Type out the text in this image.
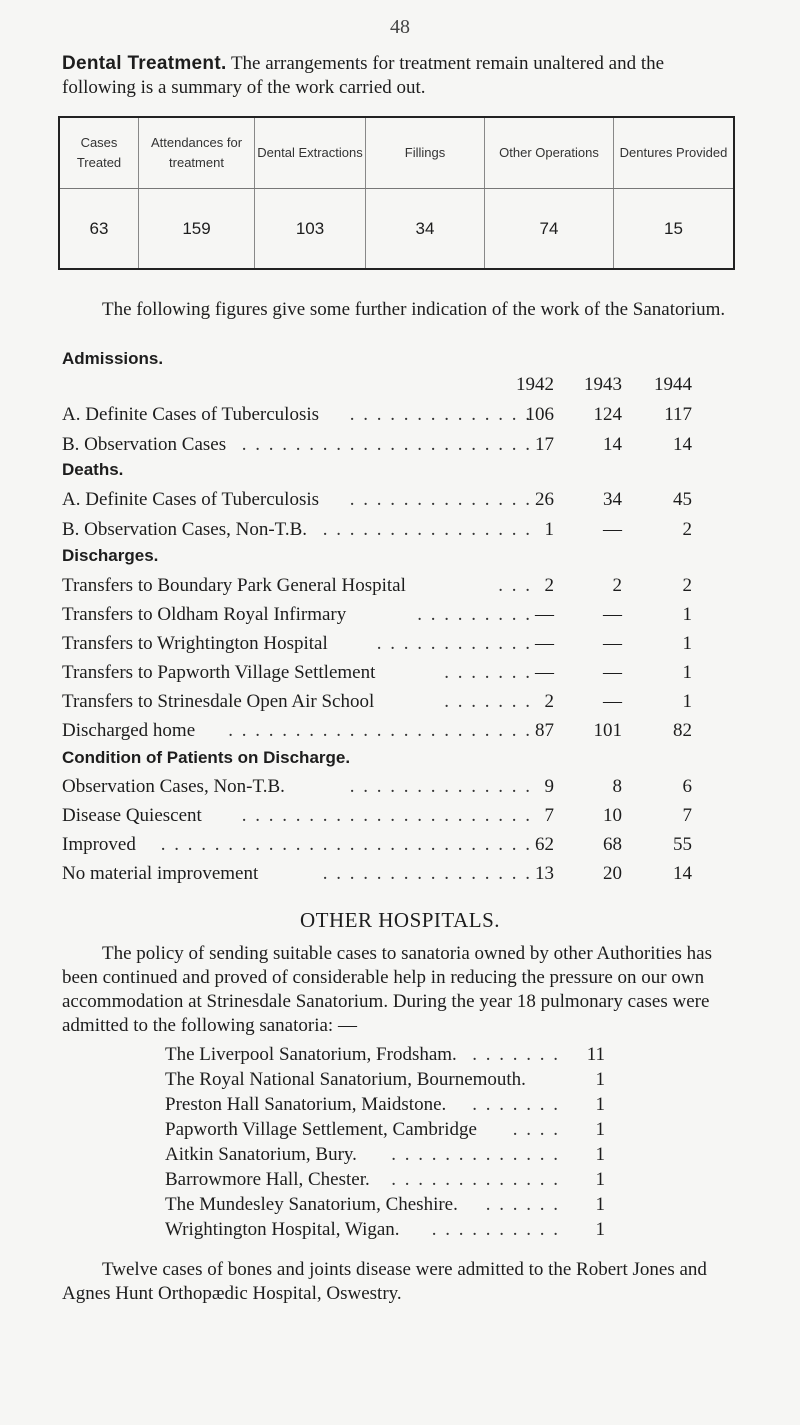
48
Dental Treatment. The arrangements for treatment remain unaltered and the following is a summary of the work carried out.
Cases Treated	Attendances for treatment	Dental Extractions	Fillings	Other Operations	Dentures Provided
63	159	103	34	74	15
The following figures give some further indication of the work of the Sanatorium.
Admissions.
1942	1943	1944
. . . . . . . . . . . . . .
A. Definite Cases of Tuberculosis	106	124	117
. . . . . . . . . . . . . . . . . . . . . .
B. Observation Cases	17	14	14
Deaths.
. . . . . . . . . . . . . .
A. Definite Cases of Tuberculosis	26	34	45
. . . . . . . . . . . . . . . .
B. Observation Cases, Non-T.B.	1	—	2
Discharges.
. . .
Transfers to Boundary Park General Hospital	2	2	2
. . . . . . . . .
Transfers to Oldham Royal Infirmary	—	—	1
. . . . . . . . . . . .
Transfers to Wrightington Hospital	—	—	1
. . . . . . .
Transfers to Papworth Village Settlement	—	—	1
. . . . . . .
Transfers to Strinesdale Open Air School	2	—	1
. . . . . . . . . . . . . . . . . . . . . . .
Discharged home	87	101	82
Condition of Patients on Discharge.
. . . . . . . . . . . . . .
Observation Cases, Non-T.B.	9	8	6
. . . . . . . . . . . . . . . . . . . . . .
Disease Quiescent	7	10	7
. . . . . . . . . . . . . . . . . . . . . . . . . . . .
Improved	62	68	55
. . . . . . . . . . . . . . . .
No material improvement	13	20	14
OTHER HOSPITALS.
The policy of sending suitable cases to sanatoria owned by other Authorities has been continued and proved of considerable help in reducing the pressure on our own accommodation at Strinesdale Sanatorium. During the year 18 pulmonary cases were admitted to the following sanatoria: —
. . . . . . .
The Liverpool Sanatorium, Frodsham.	11
The Royal National Sanatorium, Bournemouth.	1
. . . . . . .
Preston Hall Sanatorium, Maidstone.	1
. . . .
Papworth Village Settlement, Cambridge	1
. . . . . . . . . . . . .
Aitkin Sanatorium, Bury.	1
. . . . . . . . . . . . .
Barrowmore Hall, Chester.	1
. . . . . .
The Mundesley Sanatorium, Cheshire.	1
. . . . . . . . . .
Wrightington Hospital, Wigan.	1
Twelve cases of bones and joints disease were admitted to the Robert Jones and Agnes Hunt Orthopædic Hospital, Oswestry.
